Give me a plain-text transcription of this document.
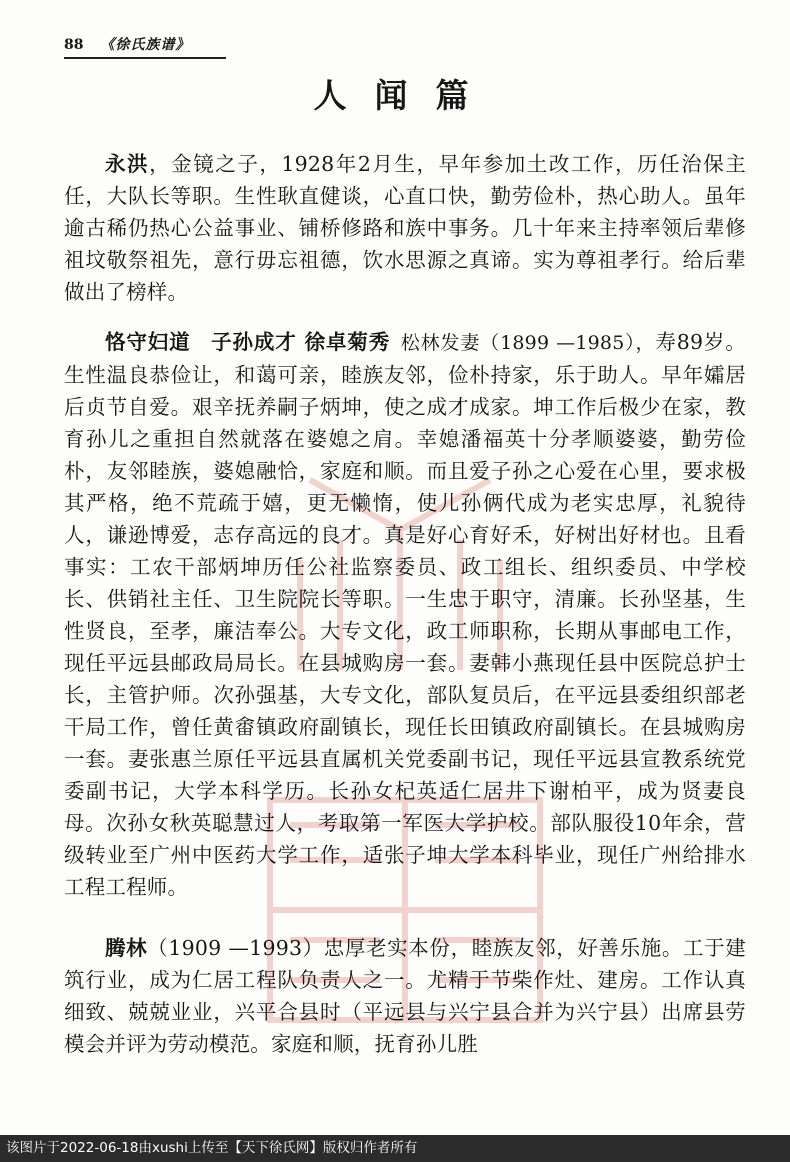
88 《徐氏族谱》
人闻篇
永洪，金镜之子，1928年2月生，早年参加土改工作，历任治保主任，大队长等职。生性耿直健谈，心直口快，勤劳俭朴，热心助人。虽年逾古稀仍热心公益事业、铺桥修路和族中事务。几十年来主持率领后辈修祖坟敬祭祖先，意行毋忘祖德，饮水思源之真谛。实为尊祖孝行。给后辈做出了榜样。
恪守妇道 子孙成才 徐卓菊秀 松林发妻（1899 —1985），寿89岁。生性温良恭俭让，和蔼可亲，睦族友邻，俭朴持家，乐于助人。早年孀居后贞节自爱。艰辛抚养嗣子炳坤，使之成才成家。坤工作后极少在家，教育孙儿之重担自然就落在婆媳之肩。幸媳潘福英十分孝顺婆婆，勤劳俭朴，友邻睦族，婆媳融恰，家庭和顺。而且爱子孙之心爱在心里，要求极其严格，绝不荒疏于嬉，更无懒惰，使儿孙俩代成为老实忠厚，礼貌待人，谦逊博爱，志存高远的良才。真是好心育好禾，好树出好材也。且看事实：工农干部炳坤历任公社监察委员、政工组长、组织委员、中学校长、供销社主任、卫生院院长等职。一生忠于职守，清廉。长孙坚基，生性贤良，至孝，廉洁奉公。大专文化，政工师职称，长期从事邮电工作，现任平远县邮政局局长。在县城购房一套。妻韩小燕现任县中医院总护士长，主管护师。次孙强基，大专文化，部队复员后，在平远县委组织部老干局工作，曾任黄畬镇政府副镇长，现任长田镇政府副镇长。在县城购房一套。妻张惠兰原任平远县直属机关党委副书记，现任平远县宣教系统党委副书记，大学本科学历。长孙女杞英适仁居井下谢柏平，成为贤妻良母。次孙女秋英聪慧过人，考取第一军医大学护校。部队服役10年余，营级转业至广州中医药大学工作，适张子坤大学本科毕业，现任广州给排水工程工程师。
腾林（1909 —1993）忠厚老实本份，睦族友邻，好善乐施。工于建筑行业，成为仁居工程队负责人之一。尤精于节柴作灶、建房。工作认真细致、兢兢业业，兴平合县时（平远县与兴宁县合并为兴宁县）出席县劳模会并评为劳动模范。家庭和顺，抚育孙儿胜
该图片于2022-06-18由xushi上传至【天下徐氏网】版权归作者所有
